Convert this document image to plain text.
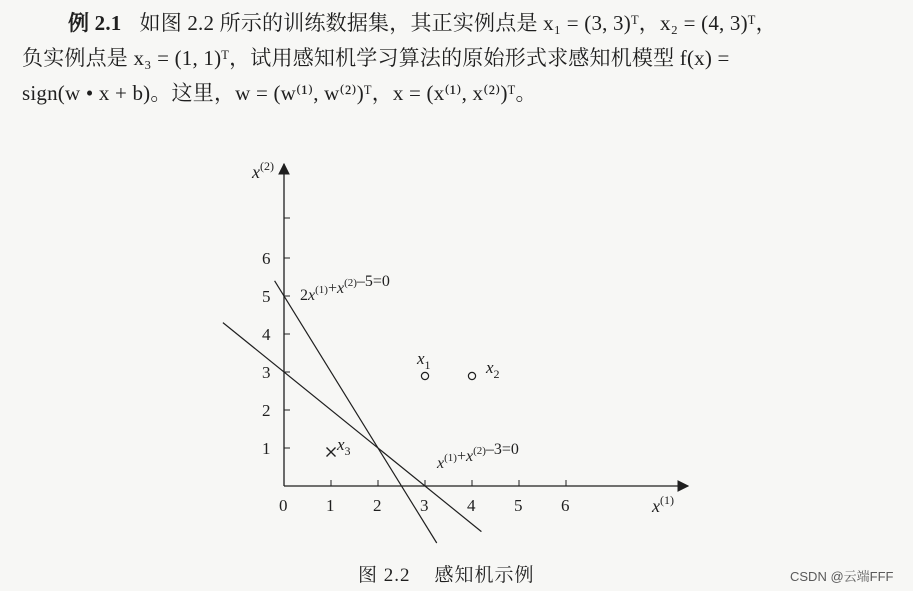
例 2.1 如图 2.2 所示的训练数据集，其正实例点是 x₁ = (3, 3)ᵀ，x₂ = (4, 3)ᵀ，
负实例点是 x₃ = (1, 1)ᵀ，试用感知机学习算法的原始形式求感知机模型 f(x) =
sign(w • x + b)。这里，w = (w⁽¹⁾, w⁽²⁾)ᵀ，x = (x⁽¹⁾, x⁽²⁾)ᵀ。
0 1 2 3 4 5 6
1
2
3
4
5
6
$x^{(1)}$
$x^{(2)}$
$2x^{(1)}+x^{(2)}-5=0$
$x^{(1)}+x^{(2)}-3=0$
$x_1$	$x_2$
$x_3$
图 2.2 感知机示例	CSDN @云端FFF
